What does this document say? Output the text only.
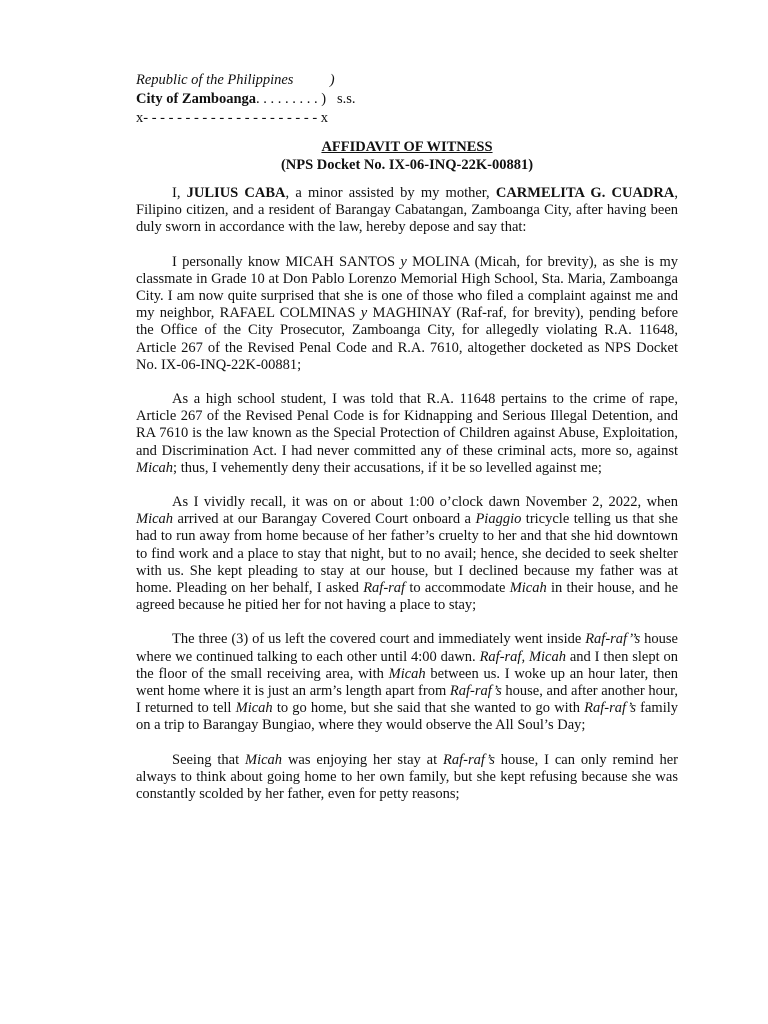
Republic of the Philippines	)
City of Zamboanga. . . . . . . . . ) s.s.
x- - - - - - - - - - - - - - - - - - - - - x
AFFIDAVIT OF WITNESS
(NPS Docket No. IX-06-INQ-22K-00881)

I, JULIUS CABA, a minor assisted by my mother, CARMELITA G. CUADRA, Filipino citizen, and a resident of Barangay Cabatangan, Zamboanga City, after having been duly sworn in accordance with the law, hereby depose and say that:

I personally know MICAH SANTOS y MOLINA (Micah, for brevity), as she is my classmate in Grade 10 at Don Pablo Lorenzo Memorial High School, Sta. Maria, Zamboanga City. I am now quite surprised that she is one of those who filed a complaint against me and my neighbor, RAFAEL COLMINAS y MAGHINAY (Raf-raf, for brevity), pending before the Office of the City Prosecutor, Zamboanga City, for allegedly violating R.A. 11648, Article 267 of the Revised Penal Code and R.A. 7610, altogether docketed as NPS Docket No. IX-06-INQ-22K-00881;

As a high school student, I was told that R.A. 11648 pertains to the crime of rape, Article 267 of the Revised Penal Code is for Kidnapping and Serious Illegal Detention, and RA 7610 is the law known as the Special Protection of Children against Abuse, Exploitation, and Discrimination Act. I had never committed any of these criminal acts, more so, against Micah; thus, I vehemently deny their accusations, if it be so levelled against me;

As I vividly recall, it was on or about 1:00 o’clock dawn November 2, 2022, when Micah arrived at our Barangay Covered Court onboard a Piaggio tricycle telling us that she had to run away from home because of her father’s cruelty to her and that she hid downtown to find work and a place to stay that night, but to no avail; hence, she decided to seek shelter with us. She kept pleading to stay at our house, but I declined because my father was at home. Pleading on her behalf, I asked Raf-raf to accommodate Micah in their house, and he agreed because he pitied her for not having a place to stay;

The three (3) of us left the covered court and immediately went inside Raf-raf’’s house where we continued talking to each other until 4:00 dawn. Raf-raf, Micah and I then slept on the floor of the small receiving area, with Micah between us. I woke up an hour later, then went home where it is just an arm’s length apart from Raf-raf’s house, and after another hour, I returned to tell Micah to go home, but she said that she wanted to go with Raf-raf’s family on a trip to Barangay Bungiao, where they would observe the All Soul’s Day;

Seeing that Micah was enjoying her stay at Raf-raf’s house, I can only remind her always to think about going home to her own family, but she kept refusing because she was constantly scolded by her father, even for petty reasons;
